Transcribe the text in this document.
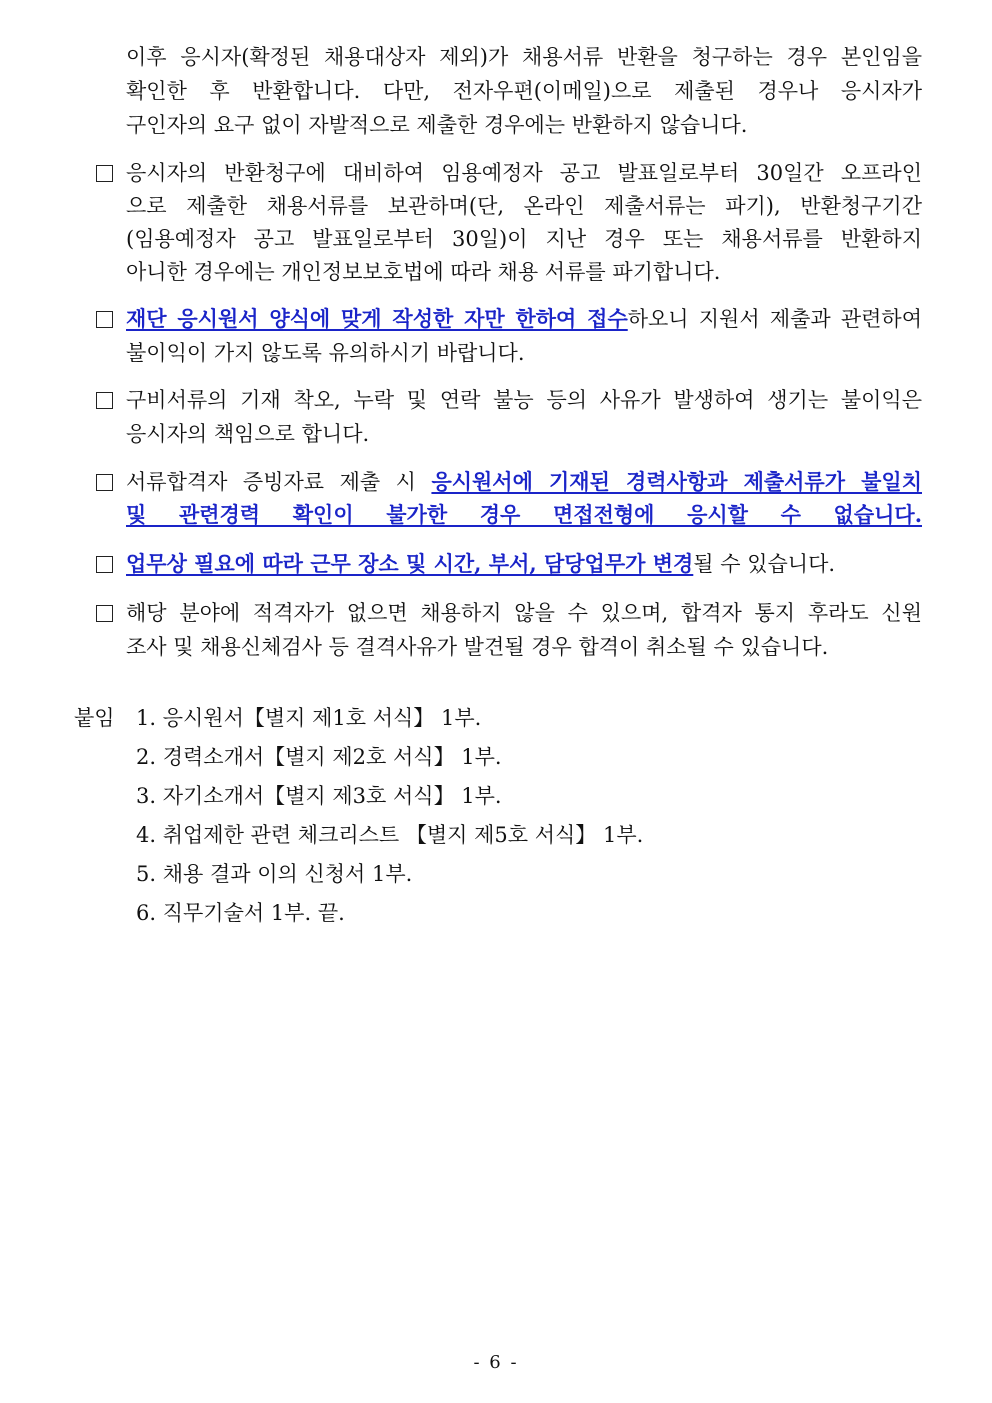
이후 응시자(확정된 채용대상자 제외)가 채용서류 반환을 청구하는 경우 본인임을
확인한 후 반환합니다. 다만, 전자우편(이메일)으로 제출된 경우나 응시자가
구인자의 요구 없이 자발적으로 제출한 경우에는 반환하지 않습니다.
응시자의 반환청구에 대비하여 임용예정자 공고 발표일로부터 30일간 오프라인
으로 제출한 채용서류를 보관하며(단, 온라인 제출서류는 파기), 반환청구기간
(임용예정자 공고 발표일로부터 30일)이 지난 경우 또는 채용서류를 반환하지
아니한 경우에는 개인정보보호법에 따라 채용 서류를 파기합니다.
재단 응시원서 양식에 맞게 작성한 자만 한하여 접수하오니 지원서 제출과 관련하여
불이익이 가지 않도록 유의하시기 바랍니다.
구비서류의 기재 착오, 누락 및 연락 불능 등의 사유가 발생하여 생기는 불이익은
응시자의 책임으로 합니다.
서류합격자 증빙자료 제출 시 응시원서에 기재된 경력사항과 제출서류가 불일치
및 관련경력 확인이 불가한 경우 면접전형에 응시할 수 없습니다.
업무상 필요에 따라 근무 장소 및 시간, 부서, 담당업무가 변경될 수 있습니다.
해당 분야에 적격자가 없으면 채용하지 않을 수 있으며, 합격자 통지 후라도 신원
조사 및 채용신체검사 등 결격사유가 발견될 경우 합격이 취소될 수 있습니다.
붙임 1. 응시원서【별지 제1호 서식】 1부.
2. 경력소개서【별지 제2호 서식】 1부.
3. 자기소개서【별지 제3호 서식】 1부.
4. 취업제한 관련 체크리스트 【별지 제5호 서식】 1부.
5. 채용 결과 이의 신청서 1부.
6. 직무기술서 1부. 끝.
- 6 -
